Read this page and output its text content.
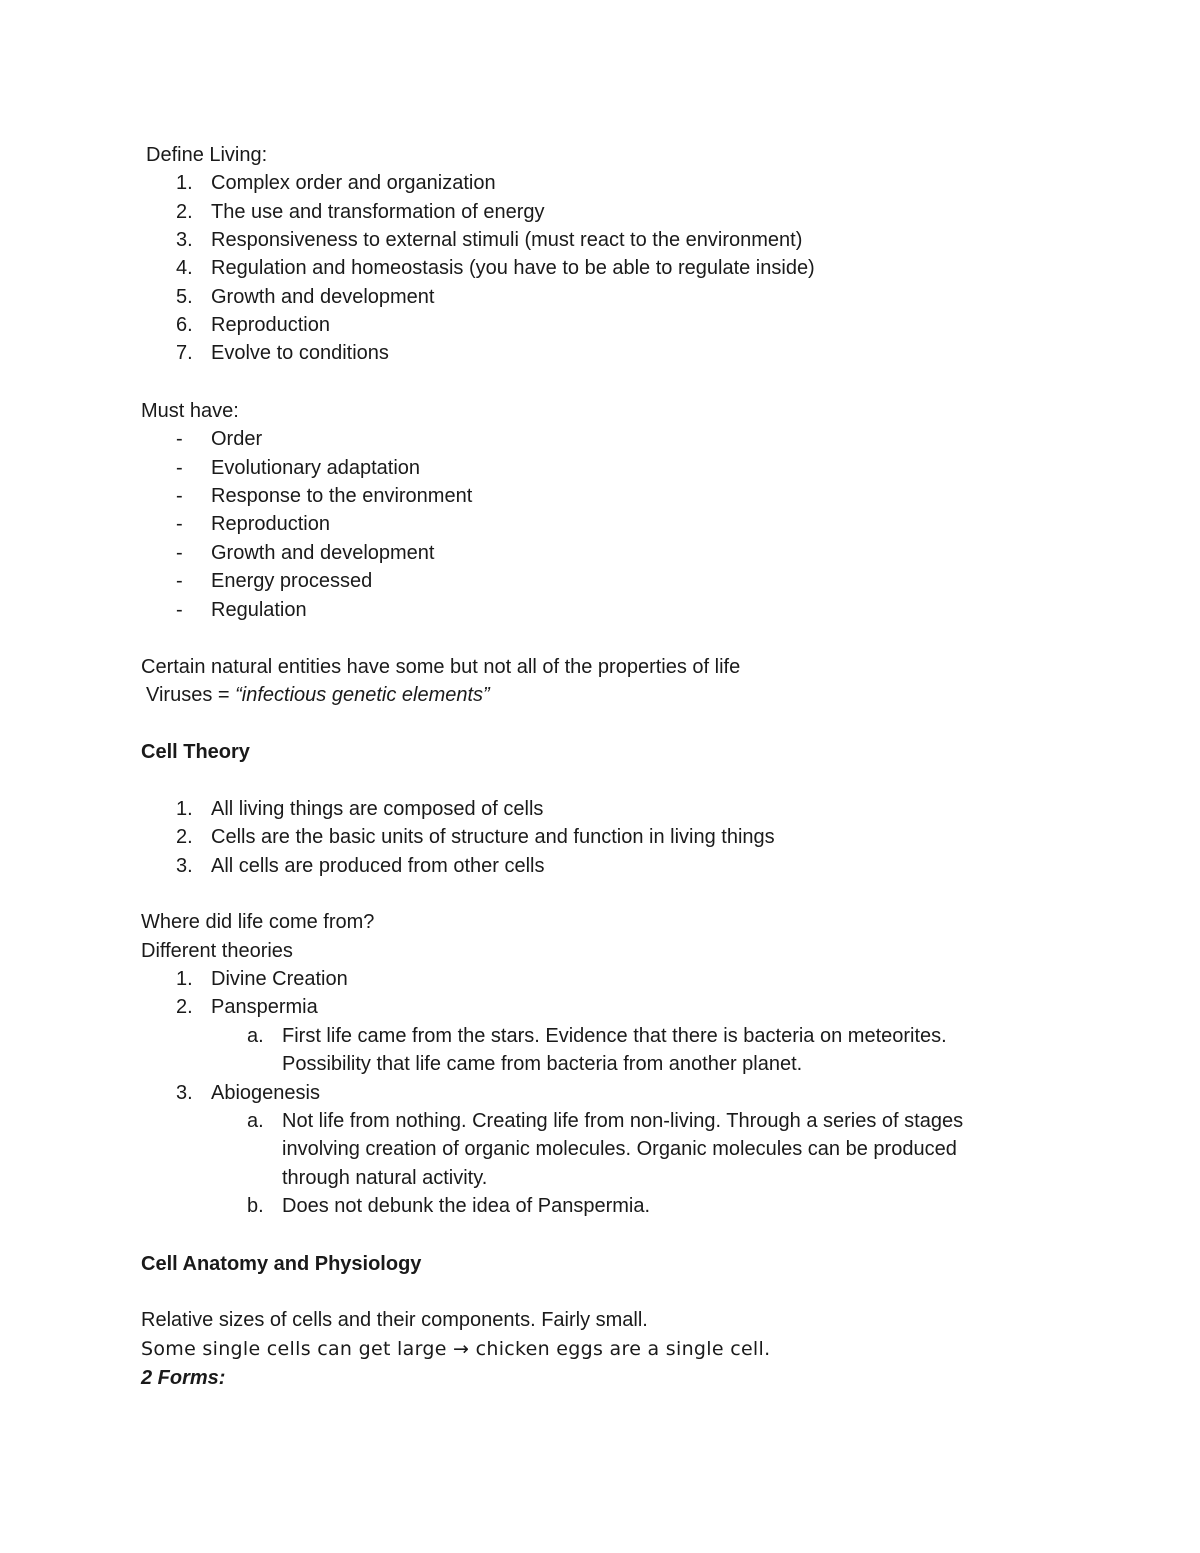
Define Living:
1. Complex order and organization
2. The use and transformation of energy
3. Responsiveness to external stimuli (must react to the environment)
4. Regulation and homeostasis (you have to be able to regulate inside)
5. Growth and development
6. Reproduction
7. Evolve to conditions
Must have:
- Order
- Evolutionary adaptation
- Response to the environment
- Reproduction
- Growth and development
- Energy processed
- Regulation
Certain natural entities have some but not all of the properties of life
Viruses = “infectious genetic elements”
Cell Theory
1. All living things are composed of cells
2. Cells are the basic units of structure and function in living things
3. All cells are produced from other cells
Where did life come from?
Different theories
1. Divine Creation
2. Panspermia
a. First life came from the stars. Evidence that there is bacteria on meteorites.
Possibility that life came from bacteria from another planet.
3. Abiogenesis
a. Not life from nothing. Creating life from non-living. Through a series of stages
involving creation of organic molecules. Organic molecules can be produced
through natural activity.
b. Does not debunk the idea of Panspermia.
Cell Anatomy and Physiology
Relative sizes of cells and their components. Fairly small.
Some single cells can get large → chicken eggs are a single cell.
2 Forms:
